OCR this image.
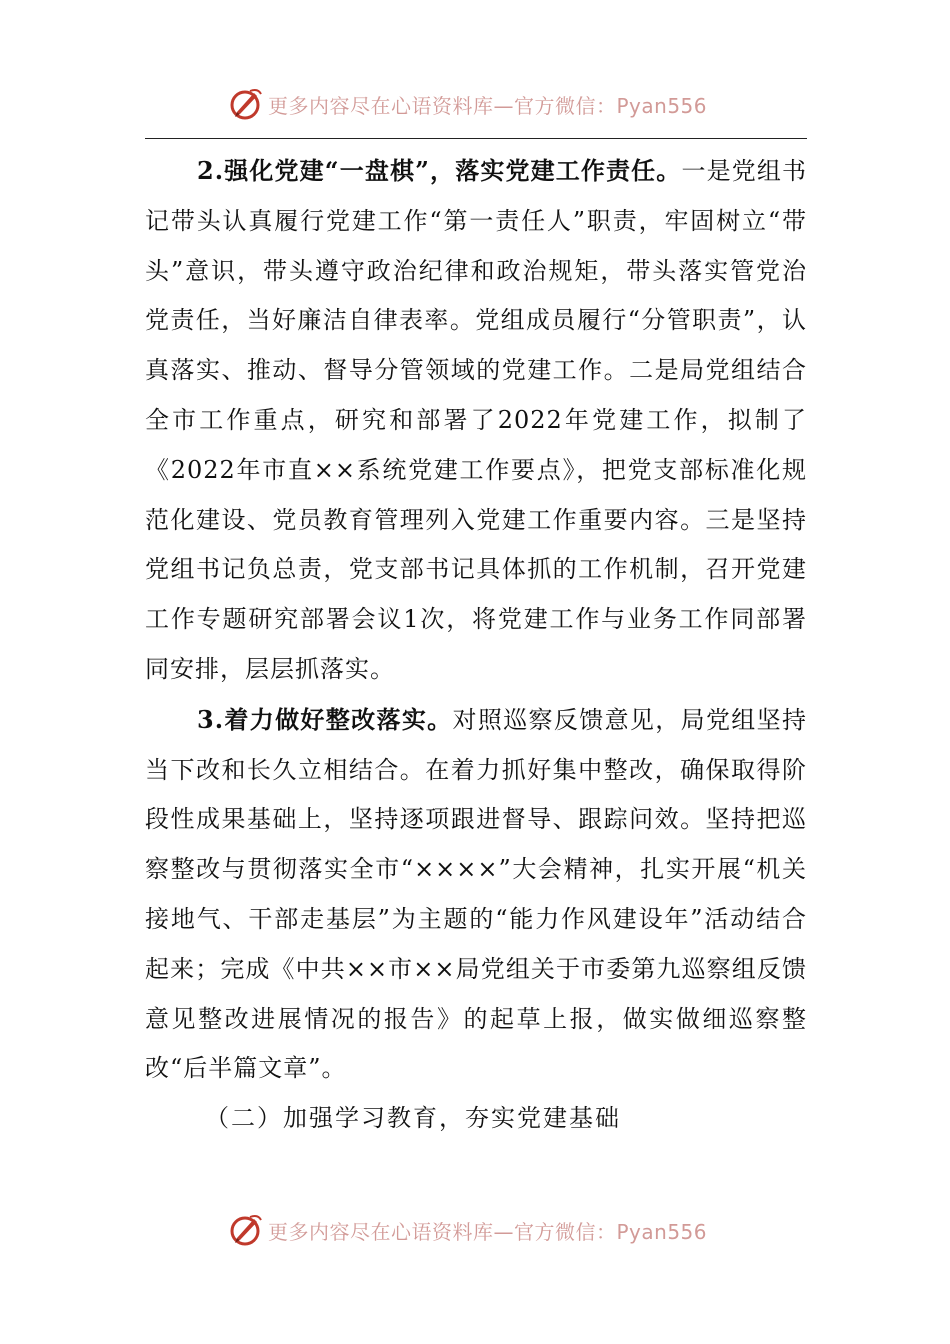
更多内容尽在心语资料库—官方微信：Pyan556

2.强化党建“一盘棋”，落实党建工作责任。一是党组书记带头认真履行党建工作“第一责任人”职责，牢固树立“带头”意识，带头遵守政治纪律和政治规矩，带头落实管党治党责任，当好廉洁自律表率。党组成员履行“分管职责”，认真落实、推动、督导分管领域的党建工作。二是局党组结合全市工作重点，研究和部署了2022年党建工作，拟制了《2022年市直××系统党建工作要点》，把党支部标准化规范化建设、党员教育管理列入党建工作重要内容。三是坚持党组书记负总责，党支部书记具体抓的工作机制，召开党建工作专题研究部署会议1次，将党建工作与业务工作同部署同安排，层层抓落实。

3.着力做好整改落实。对照巡察反馈意见，局党组坚持当下改和长久立相结合。在着力抓好集中整改，确保取得阶段性成果基础上，坚持逐项跟进督导、跟踪问效。坚持把巡察整改与贯彻落实全市“××××”大会精神，扎实开展“机关接地气、干部走基层”为主题的“能力作风建设年”活动结合起来；完成《中共××市××局党组关于市委第九巡察组反馈意见整改进展情况的报告》的起草上报，做实做细巡察整改“后半篇文章”。

（二）加强学习教育，夯实党建基础

更多内容尽在心语资料库—官方微信：Pyan556
